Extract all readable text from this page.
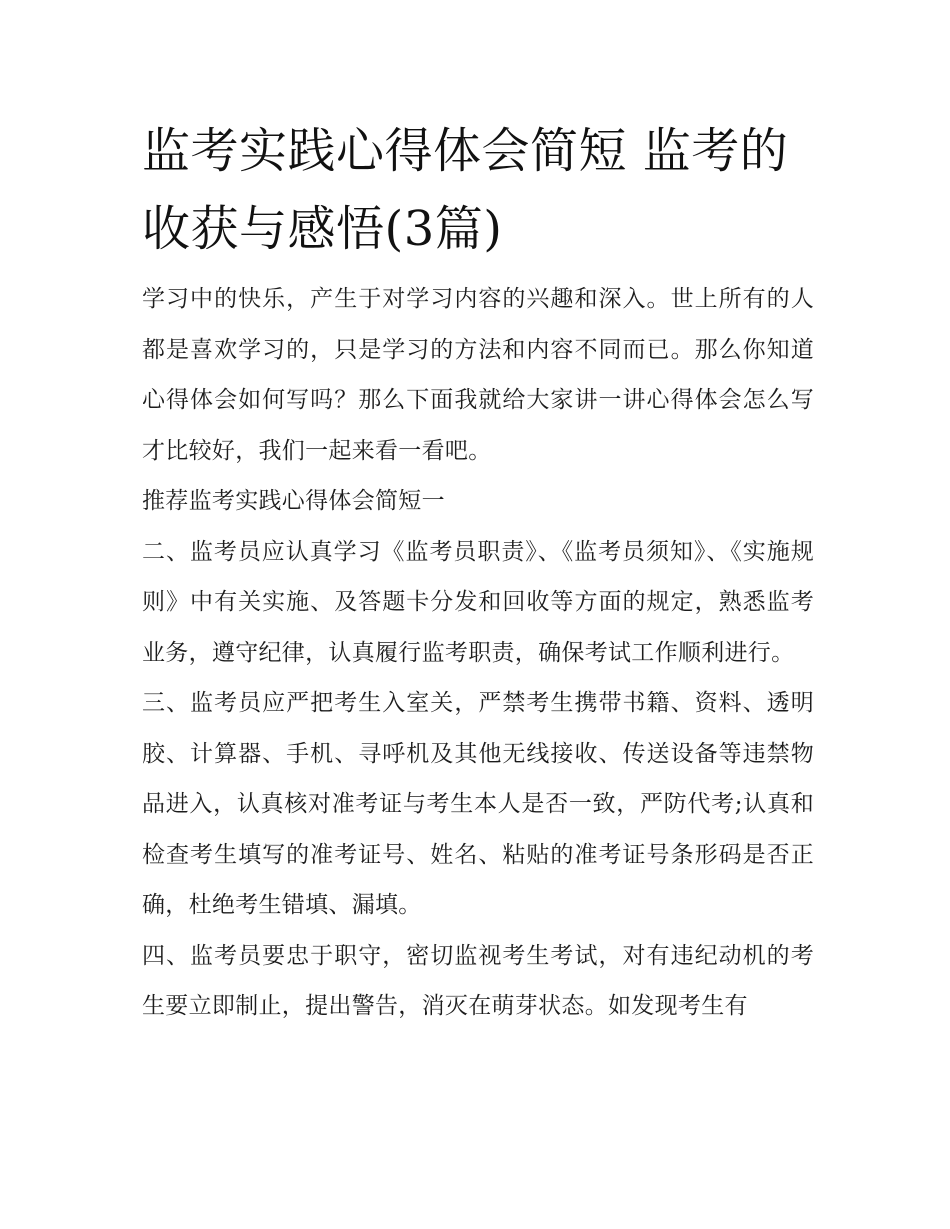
监考实践心得体会简短 监考的收获与感悟(3篇)

学习中的快乐，产生于对学习内容的兴趣和深入。世上所有的人都是喜欢学习的，只是学习的方法和内容不同而已。那么你知道心得体会如何写吗？那么下面我就给大家讲一讲心得体会怎么写才比较好，我们一起来看一看吧。

推荐监考实践心得体会简短一

二、监考员应认真学习《监考员职责》、《监考员须知》、《实施规则》中有关实施、及答题卡分发和回收等方面的规定，熟悉监考业务，遵守纪律，认真履行监考职责，确保考试工作顺利进行。

三、监考员应严把考生入室关，严禁考生携带书籍、资料、透明胶、计算器、手机、寻呼机及其他无线接收、传送设备等违禁物品进入，认真核对准考证与考生本人是否一致，严防代考;认真和检查考生填写的准考证号、姓名、粘贴的准考证号条形码是否正确，杜绝考生错填、漏填。

四、监考员要忠于职守，密切监视考生考试，对有违纪动机的考生要立即制止，提出警告，消灭在萌芽状态。如发现考生有
